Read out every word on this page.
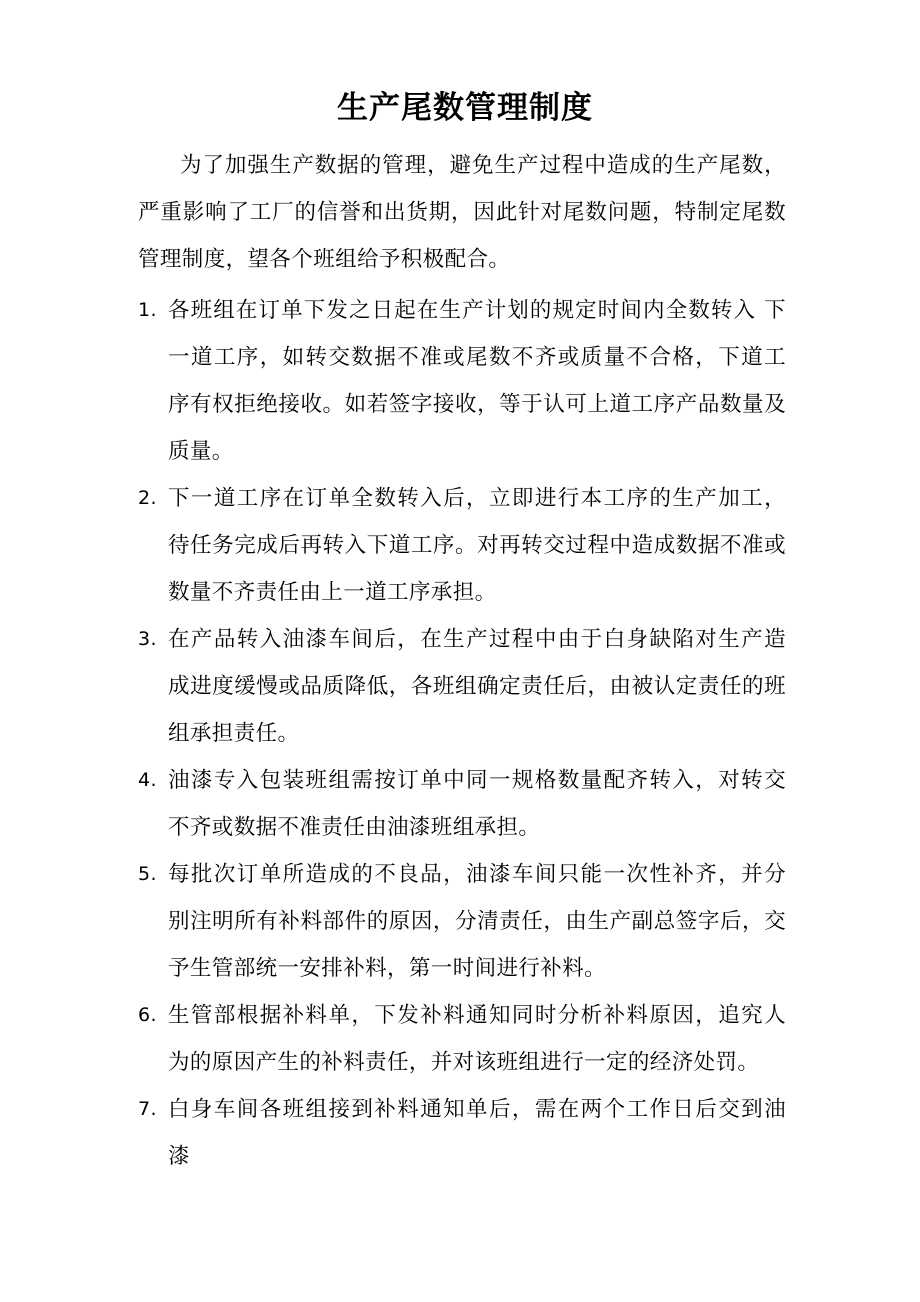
生产尾数管理制度

为了加强生产数据的管理，避免生产过程中造成的生产尾数，严重影响了工厂的信誉和出货期，因此针对尾数问题，特制定尾数管理制度，望各个班组给予积极配合。

1. 各班组在订单下发之日起在生产计划的规定时间内全数转入 下一道工序，如转交数据不准或尾数不齐或质量不合格，下道工 序有权拒绝接收。如若签字接收，等于认可上道工序产品数量及 质量。
2. 下一道工序在订单全数转入后，立即进行本工序的生产加工， 待任务完成后再转入下道工序。对再转交过程中造成数据不准或 数量不齐责任由上一道工序承担。
3. 在产品转入油漆车间后，在生产过程中由于白身缺陷对生产造 成进度缓慢或品质降低，各班组确定责任后，由被认定责任的班 组承担责任。
4. 油漆专入包装班组需按订单中同一规格数量配齐转入，对转交 不齐或数据不准责任由油漆班组承担。
5. 每批次订单所造成的不良品，油漆车间只能一次性补齐，并分 别注明所有补料部件的原因，分清责任，由生产副总签字后，交 予生管部统一安排补料，第一时间进行补料。
6. 生管部根据补料单，下发补料通知同时分析补料原因，追究人 为的原因产生的补料责任，并对该班组进行一定的经济处罚。
7. 白身车间各班组接到补料通知单后，需在两个工作日后交到油 漆
